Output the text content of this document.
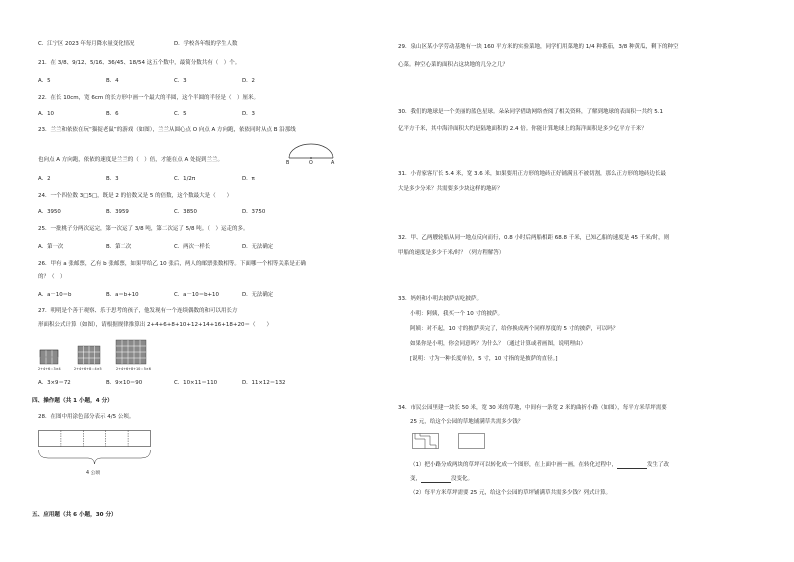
C．江宁区 2023 年每月降水量变化情况	D．学校各年级的学生人数
21．在 3/8、9/12、5/16、36/45、18/54 这五个数中，最简分数共有（　）个。
A．5	B．4	C．3	D．2
22．在长 10cm，宽 6cm 的长方形中画一个最大的半圆，这个半圆的半径是（　）厘米。
A．10	B．6	C．5	D．3
23．兰兰和依依在玩“猫捉老鼠”的游戏（如图），兰兰从圆心点 O 向点 A 方向跑，依依同时从点 B 沿那线
也向点 A 方向跑，依依的速度是兰兰的（　）倍，才能在点 A 处捉到兰兰。
B	O	A
A．2	B．3	C．1/2π	D．π
24．一个四位数 3□5□，既是 2 的倍数又是 5 的倍数，这个数最大是（　　）
A．3950	B．3959	C．3850	D．3750
25．一批桃子分两次运完，第一次运了 3/8 吨，第二次运了 5/8 吨。（　）运走的多。
A．第一次	B．第二次	C．两次一样长	D．无法确定
26．甲有 a 张邮票，乙有 b 张邮票，如果甲给乙 10 张后，两人的邮票张数相等。下面哪一个相等关系是正确
的？（　）
A．a－10＝b	B．a＝b+10	C．a－10＝b+10	D．无法确定
27．明明是个善于观察、乐于思考的孩子，他发现有一个连续偶数的和可以用长方
形面积公式计算（如图），请根据规律推算出 2+4+6+8+10+12+14+16+18+20＝（　　）
2+4+6＝3×4	2+4+6+8＝4×5	2+4+6+8+10＝5×6
A．3×9＝72	B．9×10＝90	C．10×11＝110	D．11×12＝132
四、操作题（共 1 小题，4 分）
28．在图中用涂色部分表示 4/5 公顷。
4 公顷
五、应用题（共 6 小题，30 分）
29．泉山区某小学劳动基地有一块 160 平方米的实验菜地，同学们用菜地的 1/4 种番茄，3/8 种黄瓜，剩下的种空
心菜。种空心菜的面积占这块地的几分之几？
30．我们的地球是一个美丽的蓝色星球。朵朵同学借助网络查阅了相关资料，了解到地球的表面积一共约 5.1
亿平方千米，其中海洋面积大约是陆地面积的 2.4 倍。你能计算地球上的海洋面积是多少亿平方千米？
31．小青家客厅长 5.4 米，宽 3.6 米，如果要用正方形的地砖正好铺满且不被切割，那么正方形的地砖边长最
大是多少分米？共需要多少块这样的地砖？
32．甲、乙两艘轮船从同一地点反向而行，0.8 小时后两船相距 68.8 千米，已知乙船的速度是 45 千米/时，则
甲船的速度是多少千米/时？（列方程解答）
33．妈妈和小明去披萨店吃披萨。
小明：阿姨，我买一个 10 寸的披萨。
阿姨：对不起，10 寸的披萨卖完了，给你换成两个同样厚度的 5 寸的披萨，可以吗？
如果你是小明，你会同意吗？为什么？（通过计算或者画图，说明理由）
[说明：寸为一种长度单位，5 寸，10 寸指的是披萨的直径。]
34．市民公园里建一块长 50 米，宽 30 米的草地，中间有一条宽 2 米的曲折小路（如图），每平方米草坪需要
25 元，给这个公园的草地铺满草共需多少钱？
（1）把小路分成两块的草坪可以转化成一个图形，在上面中画一画，在转化过程中，	发生了改
变，	没变化。
（2）每平方米草坪需要 25 元，给这个公园的草坪铺满草共需多少钱？列式计算。
